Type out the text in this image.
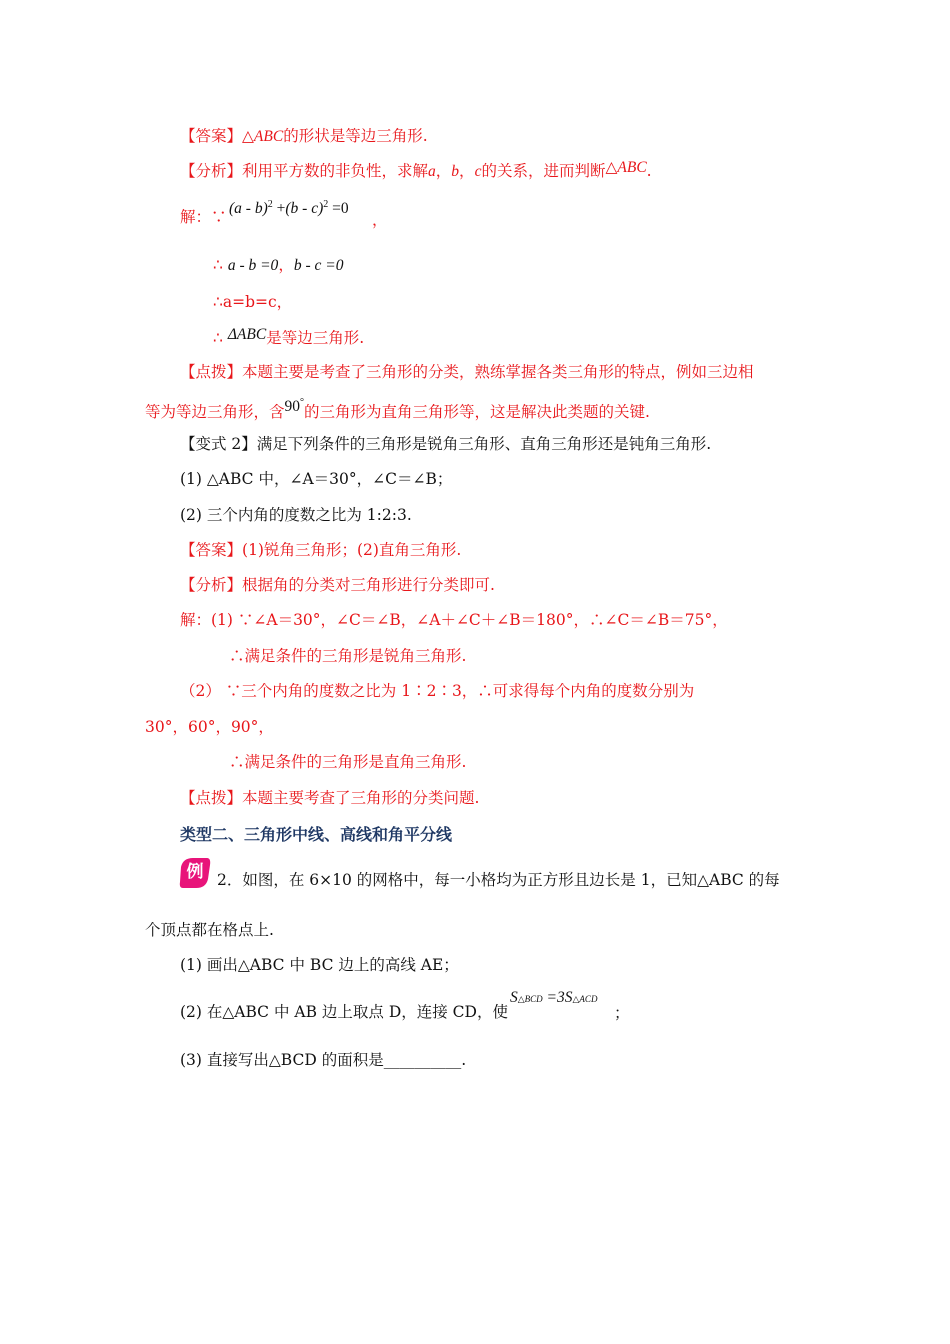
【答案】△ABC的形状是等边三角形.
【分析】利用平方数的非负性，求解a，b，c的关系，进而判断△ABC.
解：∵ (a - b)$^2$ +(b - c)$^2$ =0
，
∴ a - b =0，b - c =0
∴a=b=c，
∴ ΔABC是等边三角形.
【点拨】本题主要是考查了三角形的分类，熟练掌握各类三角形的特点，例如三边相
等为等边三角形，含90°的三角形为直角三角形等，这是解决此类题的关键.
【变式 2】满足下列条件的三角形是锐角三角形、直角三角形还是钝角三角形.
(1) △ABC 中，∠A＝30°，∠C＝∠B；
(2) 三个内角的度数之比为 1:2:3.
【答案】(1)锐角三角形；(2)直角三角形.
【分析】根据角的分类对三角形进行分类即可.
解：(1) ∵∠A＝30°，∠C＝∠B，∠A＋∠C＋∠B＝180°，∴∠C＝∠B＝75°，
∴满足条件的三角形是锐角三角形.
（2） ∵三个内角的度数之比为 1∶2∶3，∴可求得每个内角的度数分别为
30°，60°，90°，
∴满足条件的三角形是直角三角形.
【点拨】本题主要考查了三角形的分类问题.
类型二、三角形中线、高线和角平分线
例 2．如图，在 6×10 的网格中，每一小格均为正方形且边长是 1，已知△ABC 的每
个顶点都在格点上.
(1) 画出△ABC 中 BC 边上的高线 AE；
(2) 在△ABC 中 AB 边上取点 D，连接 CD，使
S△BCD =3S△ACD
；
(3) 直接写出△BCD 的面积是__________.
